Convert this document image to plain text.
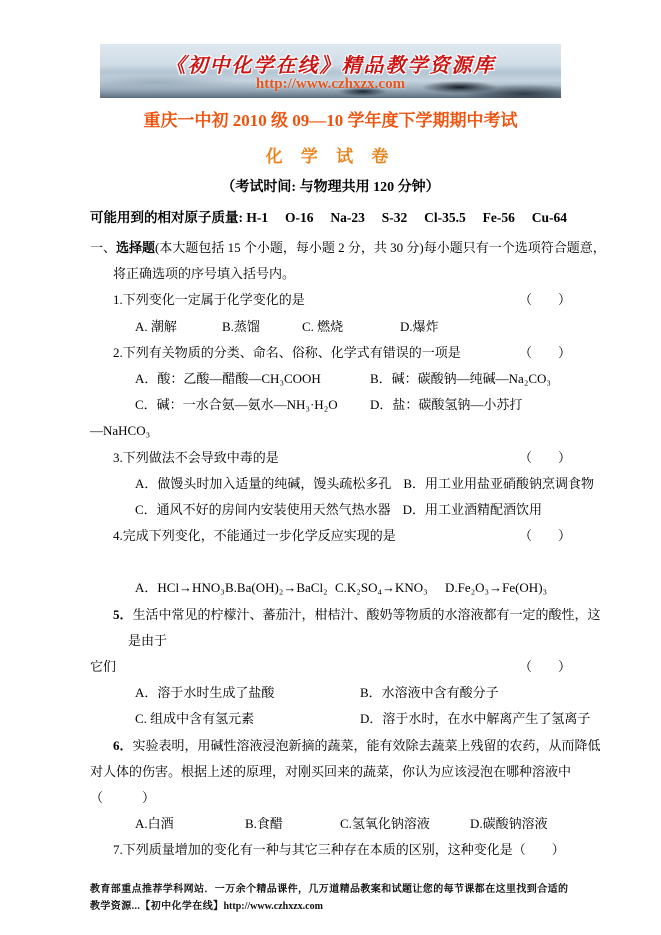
《初中化学在线》精品教学资源库
http://www.czhxzx.com
重庆一中初 2010 级 09—10 学年度下学期期中考试
化 学 试 卷
（考试时间: 与物理共用 120 分钟）
可能用到的相对原子质量: H-1     O-16     Na-23     S-32     Cl-35.5     Fe-56     Cu-64
一、选择题(本大题包括 15 个小题，每小题 2 分，共 30 分)每小题只有一个选项符合题意，
将正确选项的序号填入括号内。
1.下列变化一定属于化学变化的是	（　　）
A. 潮解	B.蒸馏	C. 燃烧	D.爆炸
2.下列有关物质的分类、命名、俗称、化学式有错误的一项是	（　　）
A．酸：乙酸—醋酸—CH₃COOH	B．碱：碳酸钠—纯碱—Na₂CO₃
C．碱：一水合氨—氨水—NH₃·H₂O	D．盐：碳酸氢钠—小苏打
—NaHCO₃
3.下列做法不会导致中毒的是	（　　）
A．做馒头时加入适量的纯碱，馒头疏松多孔 B．用工业用盐亚硝酸钠烹调食物
C．通风不好的房间内安装使用天然气热水器 D．用工业酒精配酒饮用
4.完成下列变化，不能通过一步化学反应实现的是	（　　）
A．HCl→HNO₃ B.Ba(OH)₂→BaCl₂ C.K₂SO₄→KNO₃	D.Fe₂O₃→Fe(OH)₃
5．生活中常见的柠檬汁、蕃茄汁，柑桔汁、酸奶等物质的水溶液都有一定的酸性，这
是由于
它们	（　　）
A．溶于水时生成了盐酸	B．水溶液中含有酸分子
C. 组成中含有氢元素	D．溶于水时，在水中解离产生了氢离子
6．实验表明，用碱性溶液浸泡新摘的蔬菜，能有效除去蔬菜上残留的农药，从而降低
对人体的伤害。根据上述的原理，对刚买回来的蔬菜，你认为应该浸泡在哪种溶液中
（　　　）
A.白酒	B.食醋	C.氢氧化钠溶液	D.碳酸钠溶液
7.下列质量增加的变化有一种与其它三种存在本质的区别，这种变化是 （　　）
教育部重点推荐学科网站．一万余个精品课件，几万道精品教案和试题让您的每节课都在这里找到合适的
教学资源...【初中化学在线】http://www.czhxzx.com
